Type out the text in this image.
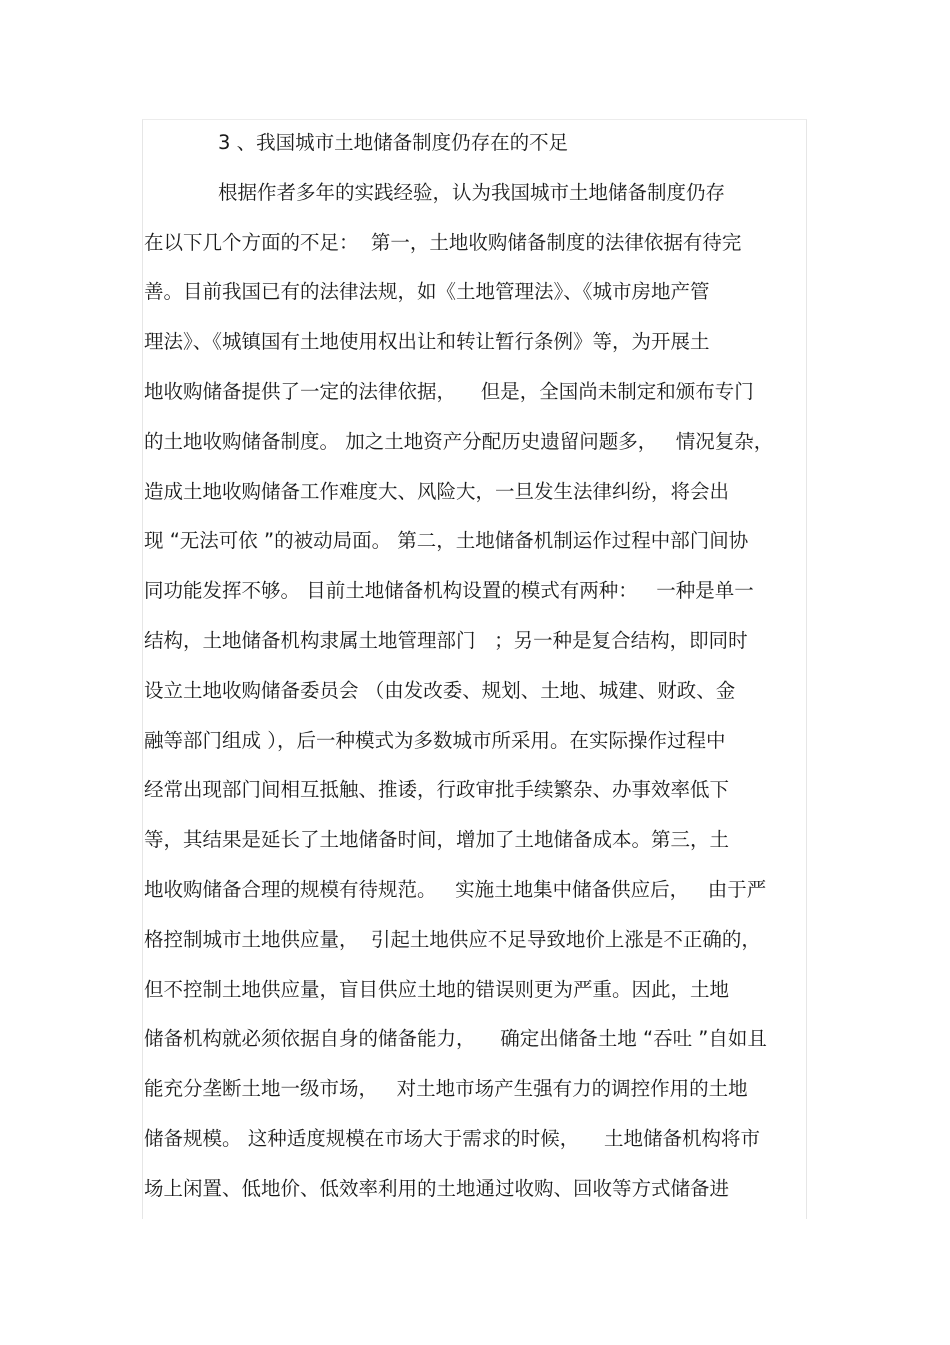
3 、我国城市土地储备制度仍存在的不足
根据作者多年的实践经验，认为我国城市土地储备制度仍存
在以下几个方面的不足：  第一，土地收购储备制度的法律依据有待完
善。目前我国已有的法律法规，如《土地管理法》、《城市房地产管
理法》、《城镇国有土地使用权出让和转让暂行条例》等，为开展土
地收购储备提供了一定的法律依据，    但是，全国尚未制定和颁布专门
的土地收购储备制度。 加之土地资产分配历史遗留问题多，   情况复杂，
造成土地收购储备工作难度大、风险大，一旦发生法律纠纷，将会出
现 “无法可依 ”的被动局面。 第二，土地储备机制运作过程中部门间协
同功能发挥不够。 目前土地储备机构设置的模式有两种：   一种是单一
结构，土地储备机构隶属土地管理部门   ；另一种是复合结构，即同时
设立土地收购储备委员会 （由发改委、规划、土地、城建、财政、金
融等部门组成 ），后一种模式为多数城市所采用。在实际操作过程中
经常出现部门间相互抵触、推诿，行政审批手续繁杂、办事效率低下
等，其结果是延长了土地储备时间，增加了土地储备成本。第三，土
地收购储备合理的规模有待规范。   实施土地集中储备供应后，   由于严
格控制城市土地供应量，  引起土地供应不足导致地价上涨是不正确的，
但不控制土地供应量，盲目供应土地的错误则更为严重。因此，土地
储备机构就必须依据自身的储备能力，    确定出储备土地 “吞吐 ”自如且
能充分垄断土地一级市场，   对土地市场产生强有力的调控作用的土地
储备规模。 这种适度规模在市场大于需求的时候，    土地储备机构将市
场上闲置、低地价、低效率利用的土地通过收购、回收等方式储备进
